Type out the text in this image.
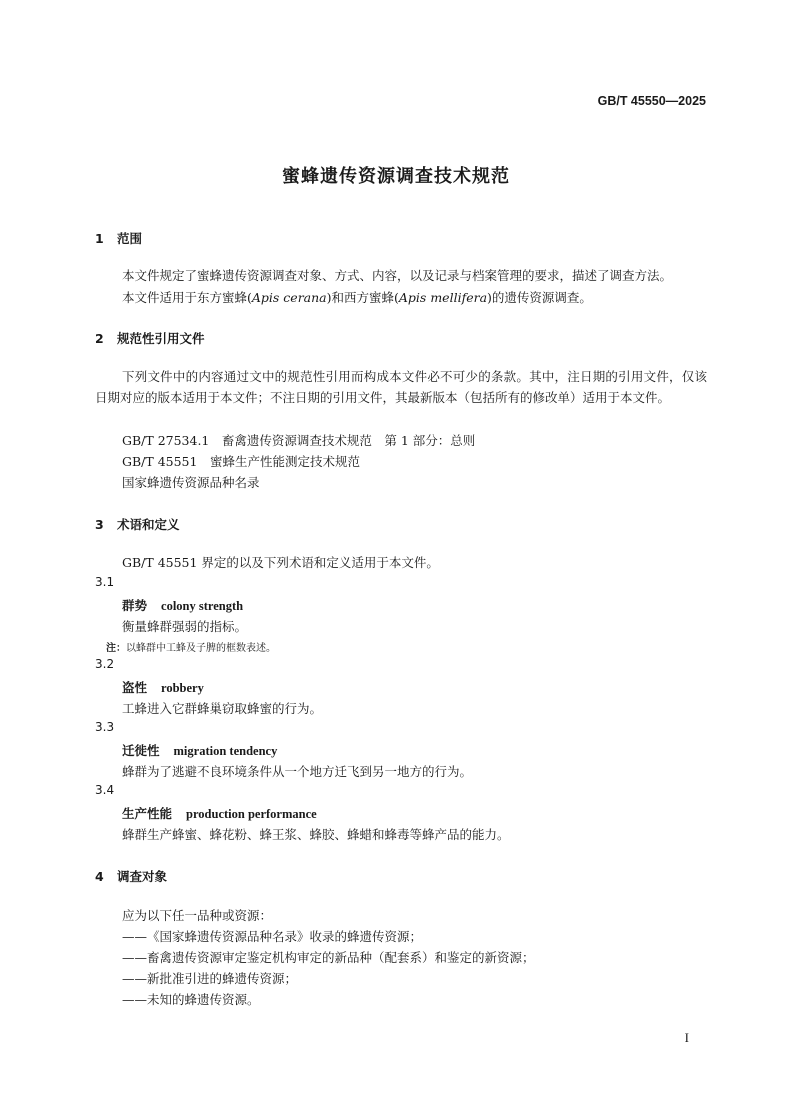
GB/T 45550—2025
蜜蜂遗传资源调查技术规范
1 范围
本文件规定了蜜蜂遗传资源调查对象、方式、内容，以及记录与档案管理的要求，描述了调查方法。
本文件适用于东方蜜蜂(Apis cerana)和西方蜜蜂(Apis mellifera)的遗传资源调查。
2 规范性引用文件
下列文件中的内容通过文中的规范性引用而构成本文件必不可少的条款。其中，注日期的引用文件，仅该日期对应的版本适用于本文件；不注日期的引用文件，其最新版本（包括所有的修改单）适用于本文件。
GB/T 27534.1　畜禽遗传资源调查技术规范　第 1 部分：总则
GB/T 45551　蜜蜂生产性能测定技术规范
国家蜂遗传资源品种名录
3 术语和定义
GB/T 45551 界定的以及下列术语和定义适用于本文件。
3.1
群势 colony strength
衡量蜂群强弱的指标。
注：以蜂群中工蜂及子脾的框数表述。
3.2
盗性 robbery
工蜂进入它群蜂巢窃取蜂蜜的行为。
3.3
迁徙性 migration tendency
蜂群为了逃避不良环境条件从一个地方迁飞到另一地方的行为。
3.4
生产性能 production performance
蜂群生产蜂蜜、蜂花粉、蜂王浆、蜂胶、蜂蜡和蜂毒等蜂产品的能力。
4 调查对象
应为以下任一品种或资源：
——《国家蜂遗传资源品种名录》收录的蜂遗传资源；
——畜禽遗传资源审定鉴定机构审定的新品种（配套系）和鉴定的新资源；
——新批准引进的蜂遗传资源；
——未知的蜂遗传资源。
I
